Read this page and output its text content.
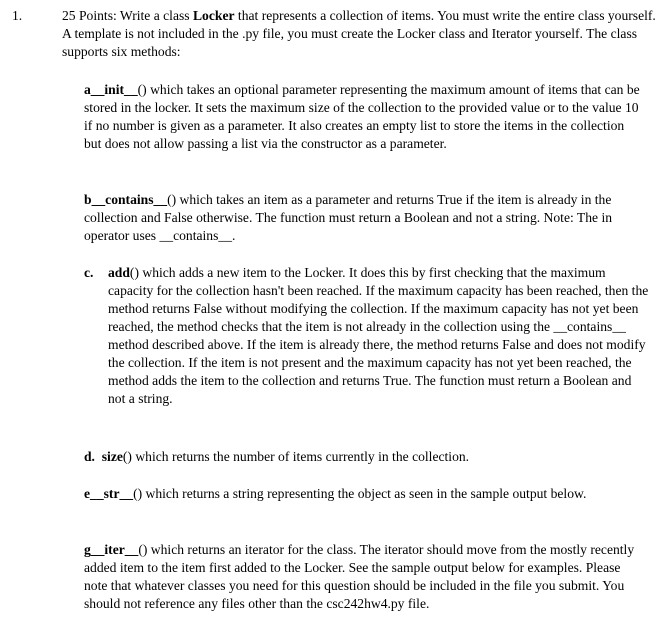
1.	25 Points: Write a class Locker that represents a collection of items. You must write the entire class yourself. A template is not included in the .py file, you must create the Locker class and Iterator yourself. The class supports six methods:

a__init__() which takes an optional parameter representing the maximum amount of items that can be stored in the locker. It sets the maximum size of the collection to the provided value or to the value 10 if no number is given as a parameter. It also creates an empty list to store the items in the collection but does not allow passing a list via the constructor as a parameter.

b__contains__() which takes an item as a parameter and returns True if the item is already in the collection and False otherwise. The function must return a Boolean and not a string. Note: The in operator uses __contains__.

c.	add() which adds a new item to the Locker. It does this by first checking that the maximum capacity for the collection hasn't been reached. If the maximum capacity has been reached, then the method returns False without modifying the collection. If the maximum capacity has not yet been reached, the method checks that the item is not already in the collection using the __contains__ method described above. If the item is already there, the method returns False and does not modify the collection. If the item is not present and the maximum capacity has not yet been reached, the method adds the item to the collection and returns True. The function must return a Boolean and not a string.

d. size() which returns the number of items currently in the collection.

e__str__() which returns a string representing the object as seen in the sample output below.

g__iter__() which returns an iterator for the class. The iterator should move from the mostly recently added item to the item first added to the Locker. See the sample output below for examples. Please note that whatever classes you need for this question should be included in the file you submit. You should not reference any files other than the csc242hw4.py file.
